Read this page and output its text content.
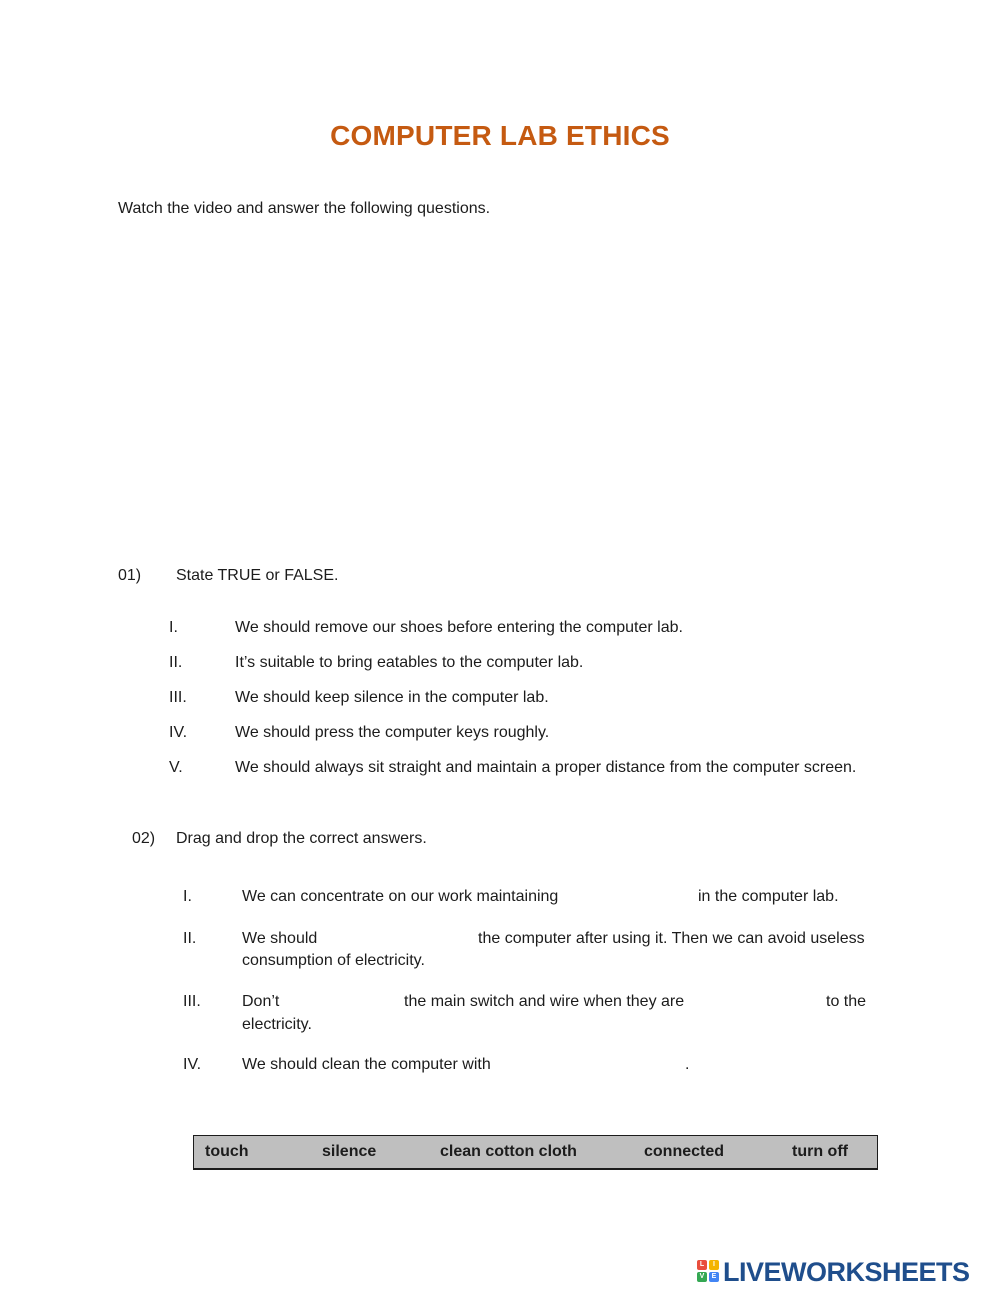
COMPUTER LAB ETHICS
Watch the video and answer the following questions.
01) State TRUE or FALSE.
I.	We should remove our shoes before entering the computer lab.
II.	It’s suitable to bring eatables to the computer lab.
III.	We should keep silence in the computer lab.
IV.	We should press the computer keys roughly.
V.	We should always sit straight and maintain a proper distance from the computer screen.
02) Drag and drop the correct answers.
I.	We can concentrate on our work maintaining	in the computer lab.
II.	We should	the computer after using it. Then we can avoid useless
consumption of electricity.
III.	Don’t	the main switch and wire when they are	to the
electricity.
IV.	We should clean the computer with	.
touch	silence	clean cotton cloth	connected	turn off
L	I
V	E LIVEWORKSHEETS
